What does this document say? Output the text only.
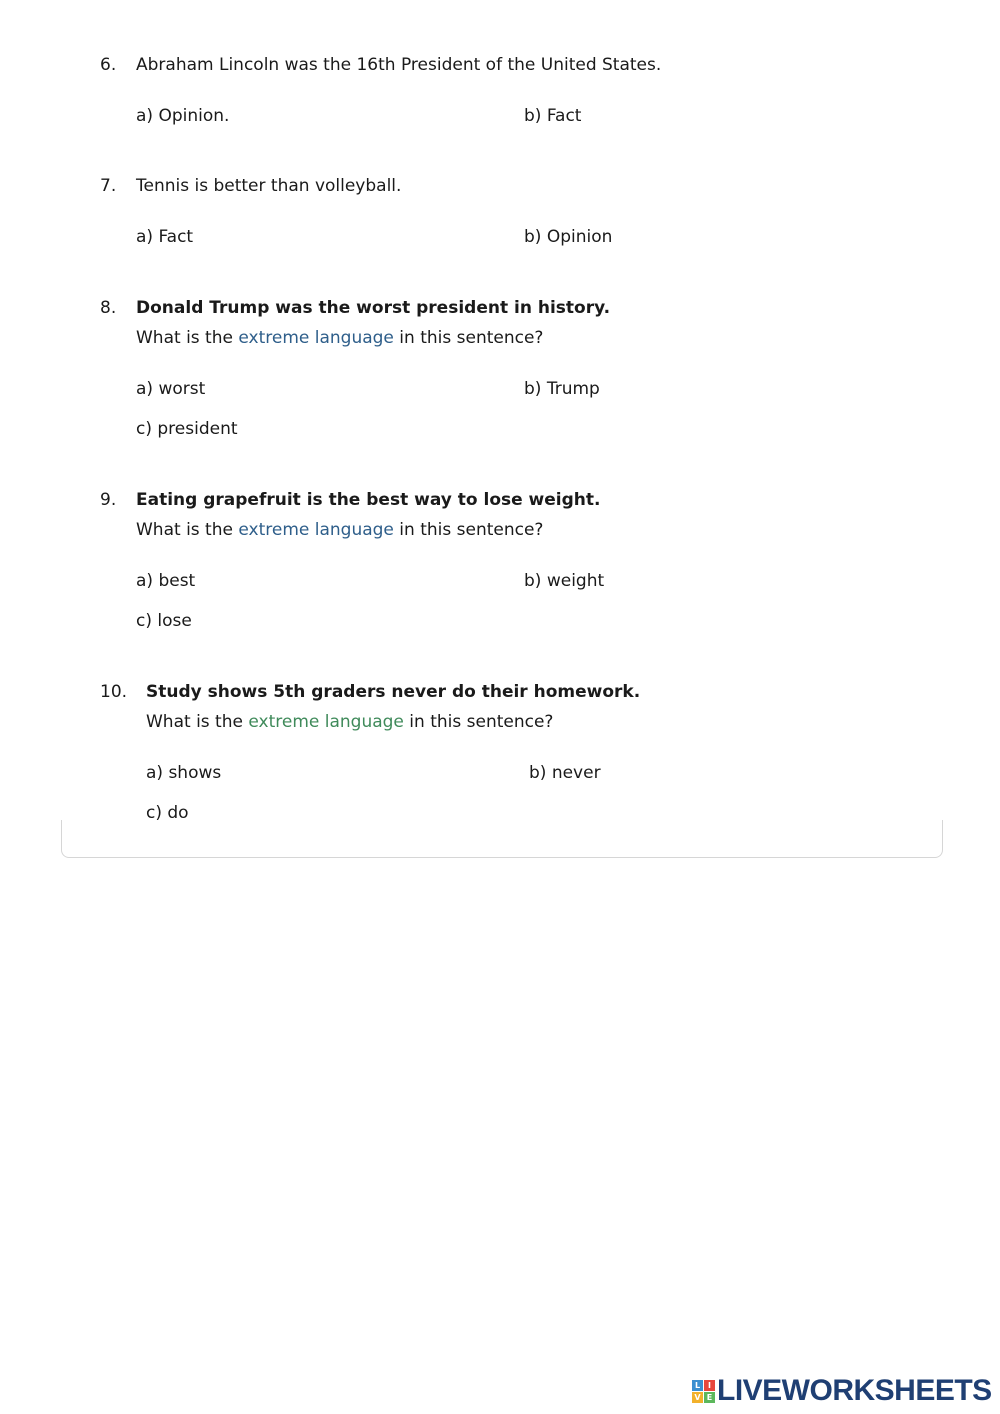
6. Abraham Lincoln was the 16th President of the United States.
a) Opinion.	b) Fact
7. Tennis is better than volleyball.
a) Fact	b) Opinion
8. Donald Trump was the worst president in history.
What is the extreme language in this sentence?
a) worst	b) Trump
c) president
9. Eating grapefruit is the best way to lose weight.
What is the extreme language in this sentence?
a) best	b) weight
c) lose
10. Study shows 5th graders never do their homework.
What is the extreme language in this sentence?
a) shows	b) never
c) do
L I
V E LIVEWORKSHEETS
